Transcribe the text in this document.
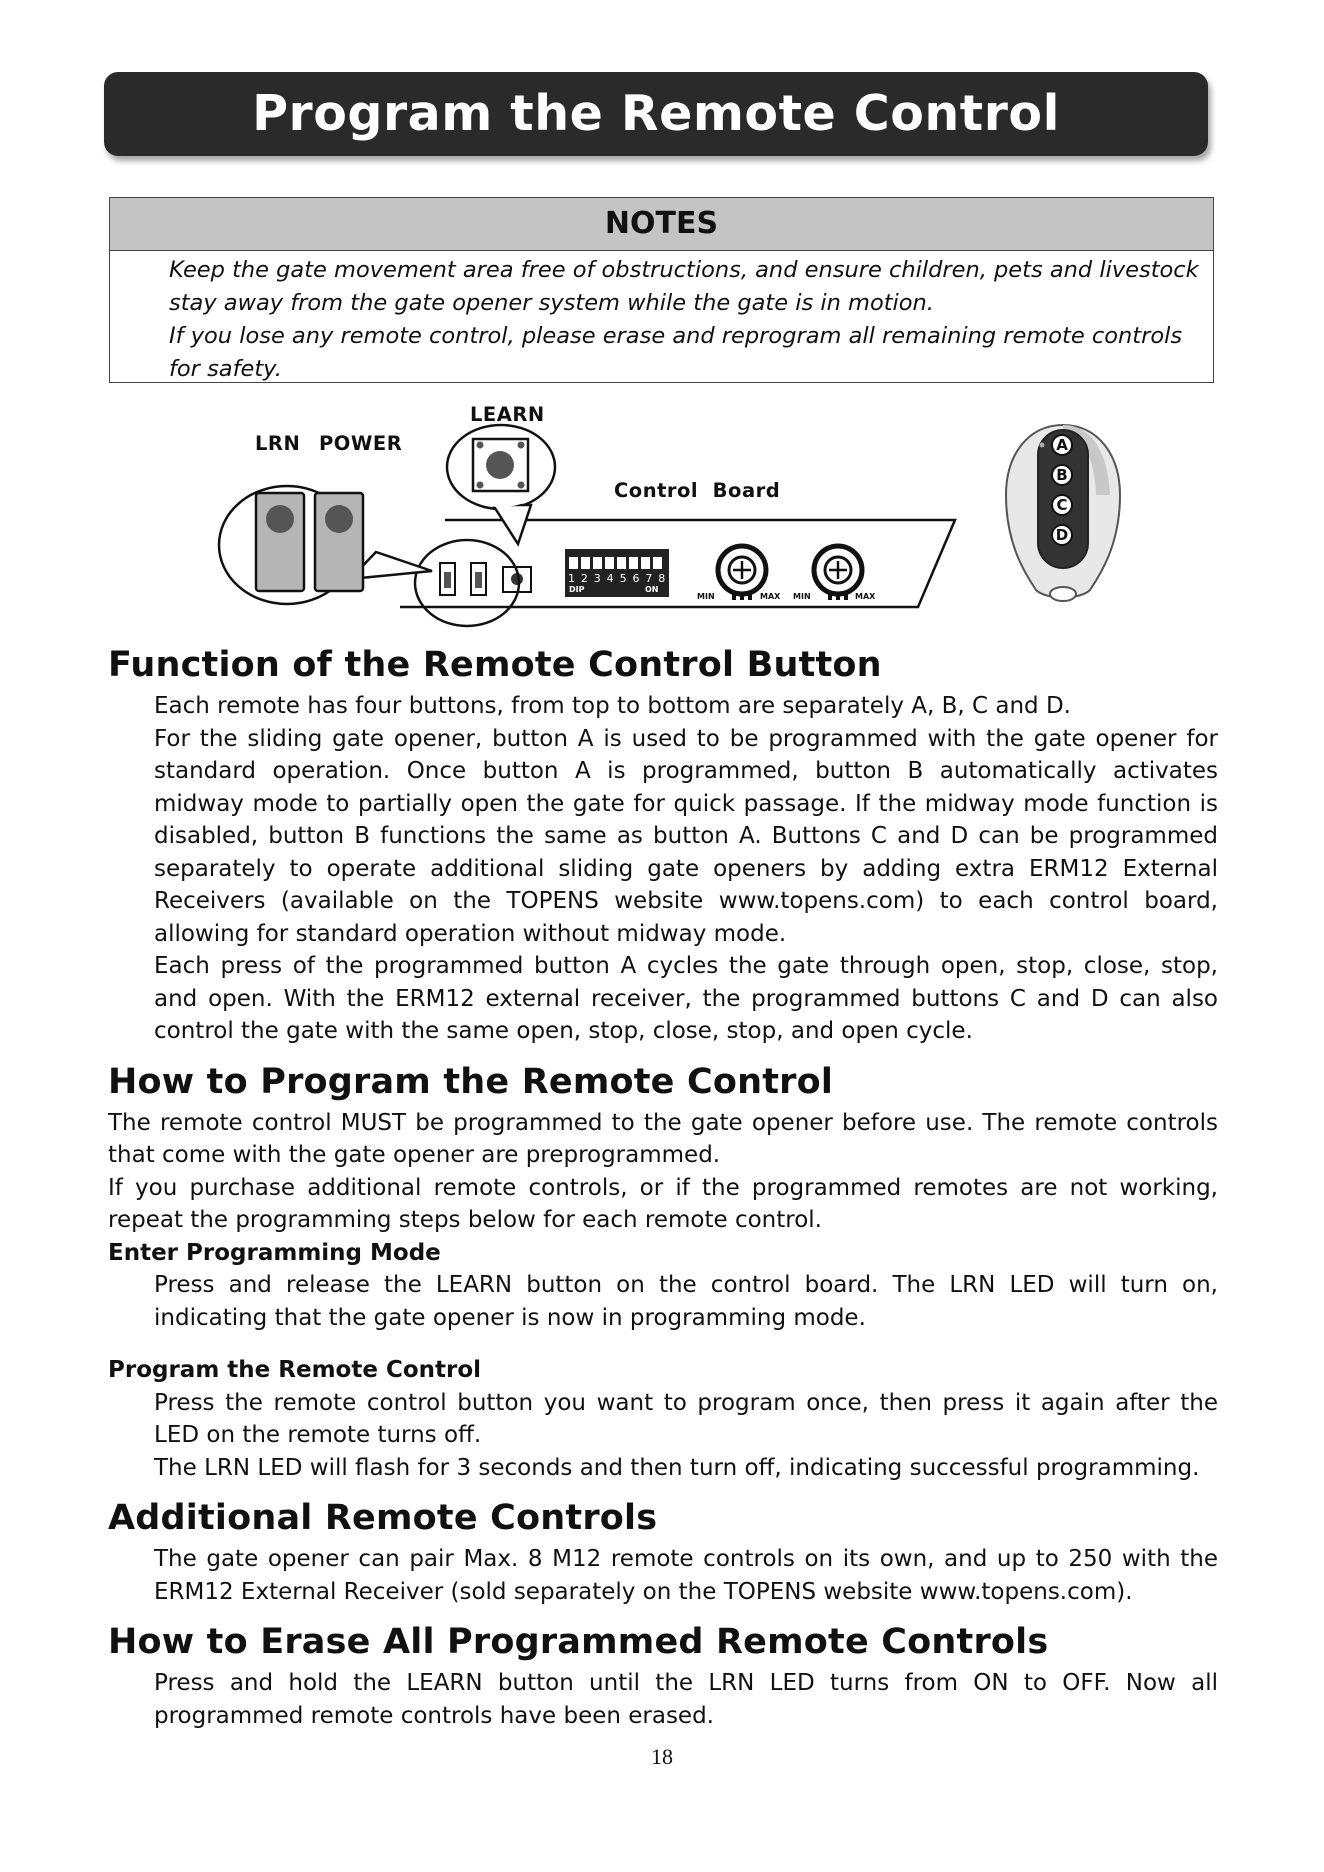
Program the Remote Control
NOTES

Keep the gate movement area free of obstructions, and ensure children, pets and livestock stay away from the gate opener system while the gate is in motion.

If you lose any remote control, please erase and reprogram all remaining remote controls for safety.

LRN POWER
LEARN
Control  Board
1 2 3 4 5 6 7 8
DIP	ON
MIN	MAX MIN	MAX
A
B
C
D
Function of the Remote Control Button

Each remote has four buttons, from top to bottom are separately A, B, C and D.

For the sliding gate opener, button A is used to be programmed with the gate opener for standard operation. Once button A is programmed, button B automatically activates midway mode to partially open the gate for quick passage. If the midway mode function is disabled, button B functions the same as button A. Buttons C and D can be programmed separately to operate additional sliding gate openers by adding extra ERM12 External Receivers (available on the TOPENS website www.topens.com) to each control board, allowing for standard operation without midway mode.

Each press of the programmed button A cycles the gate through open, stop, close, stop, and open. With the ERM12 external receiver, the programmed buttons C and D can also control the gate with the same open, stop, close, stop, and open cycle.

How to Program the Remote Control

The remote control MUST be programmed to the gate opener before use. The remote controls that come with the gate opener are preprogrammed.

If you purchase additional remote controls, or if the programmed remotes are not working, repeat the programming steps below for each remote control.

Enter Programming Mode

Press and release the LEARN button on the control board. The LRN LED will turn on, indicating that the gate opener is now in programming mode.

Program the Remote Control

Press the remote control button you want to program once, then press it again after the LED on the remote turns off.

The LRN LED will flash for 3 seconds and then turn off, indicating successful programming.

Additional Remote Controls

The gate opener can pair Max. 8 M12 remote controls on its own, and up to 250 with the ERM12 External Receiver (sold separately on the TOPENS website www.topens.com).

How to Erase All Programmed Remote Controls

Press and hold the LEARN button until the LRN LED turns from ON to OFF. Now all programmed remote controls have been erased.

18
